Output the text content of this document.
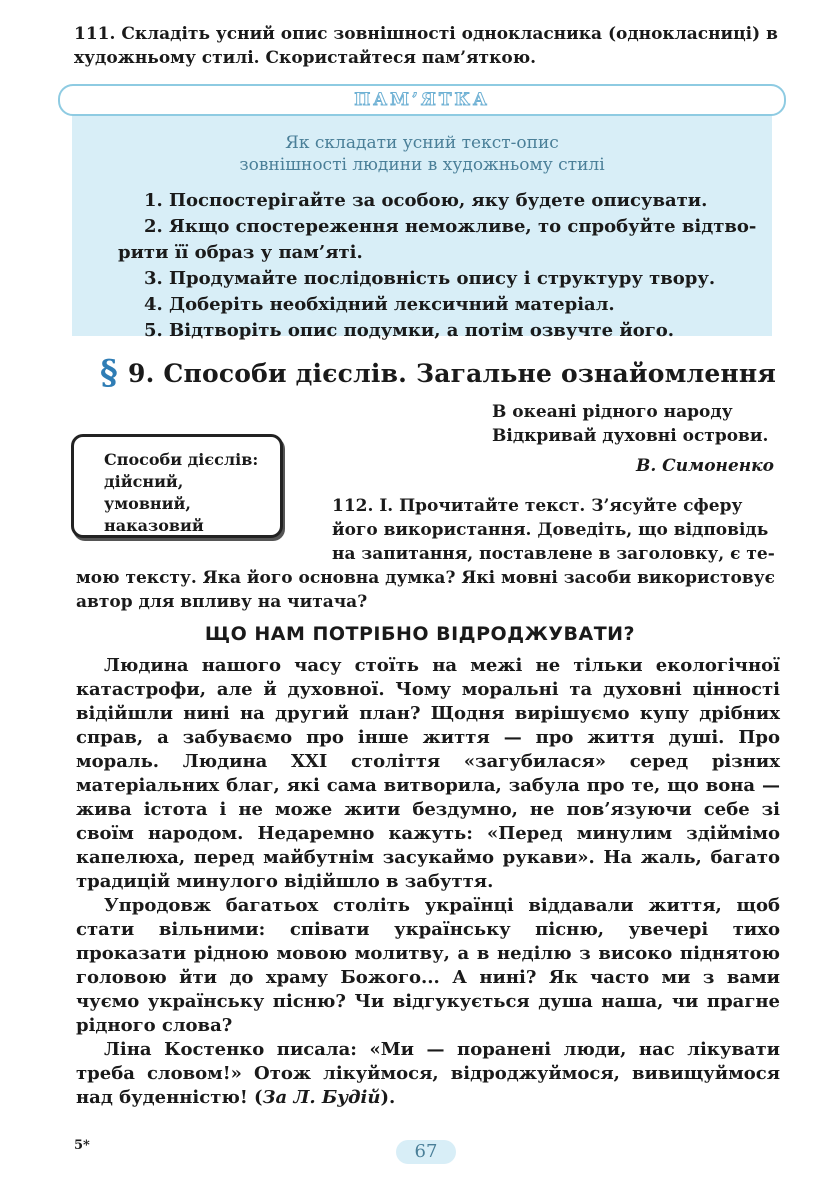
111. Складіть усний опис зовнішності однокласника (однокласниці) в художньому стилі. Скористайтеся пам’яткою.

Як складати усний текст-опис
зовнішності людини в художньому стилі

1. Поспостерігайте за особою, яку будете описувати.
2. Якщо спостереження неможливе, то спробуйте відтво-
рити її образ у пам’яті.
3. Продумайте послідовність опису і структуру твору.
4. Доберіть необхідний лексичний матеріал.
5. Відтворіть опис подумки, а потім озвучте його.
ПАМ’ЯТКА
§ 9. Способи дієслів. Загальне ознайомлення
В океані рідного народу
Відкривай духовні острови.
В. Симоненко
Способи дієслів:
дійсний,
умовний,
наказовий

112. І. Прочитайте текст. З’ясуйте сферу
його використання. Доведіть, що відповідь
на запитання, поставлене в заголовку, є те-
мою тексту. Яка його основна думка? Які мовні засоби використовує автор для впливу на читача?

ЩО НАМ ПОТРІБНО ВІДРОДЖУВАТИ?

Людина нашого часу стоїть на межі не тільки екологічної катастрофи, але й духовної. Чому моральні та духовні цінності відійшли нині на другий план? Щодня вирішуємо купу дрібних справ, а забуваємо про інше життя — про життя душі. Про мораль. Людина XXI століття «загубилася» серед різних матеріальних благ, які сама витворила, забула про те, що вона — жива істота і не може жити бездумно, не пов’язуючи себе зі своїм народом. Недаремно кажуть: «Перед минулим здіймімо капелюха, перед майбутнім засукаймо рукави». На жаль, багато традицій минулого відійшло в забуття.

Упродовж багатьох століть українці віддавали життя, щоб стати вільними: співати українську пісню, увечері тихо проказати рідною мовою молитву, а в неділю з високо піднятою головою йти до храму Божого... А нині? Як часто ми з вами чуємо українську пісню? Чи відгукується душа наша, чи прагне рідного слова?

Ліна Костенко писала: «Ми — поранені люди, нас лікувати треба словом!» Отож лікуймося, відроджуймося, вивищуймося над буденністю! (За Л. Будій).

5*	67
